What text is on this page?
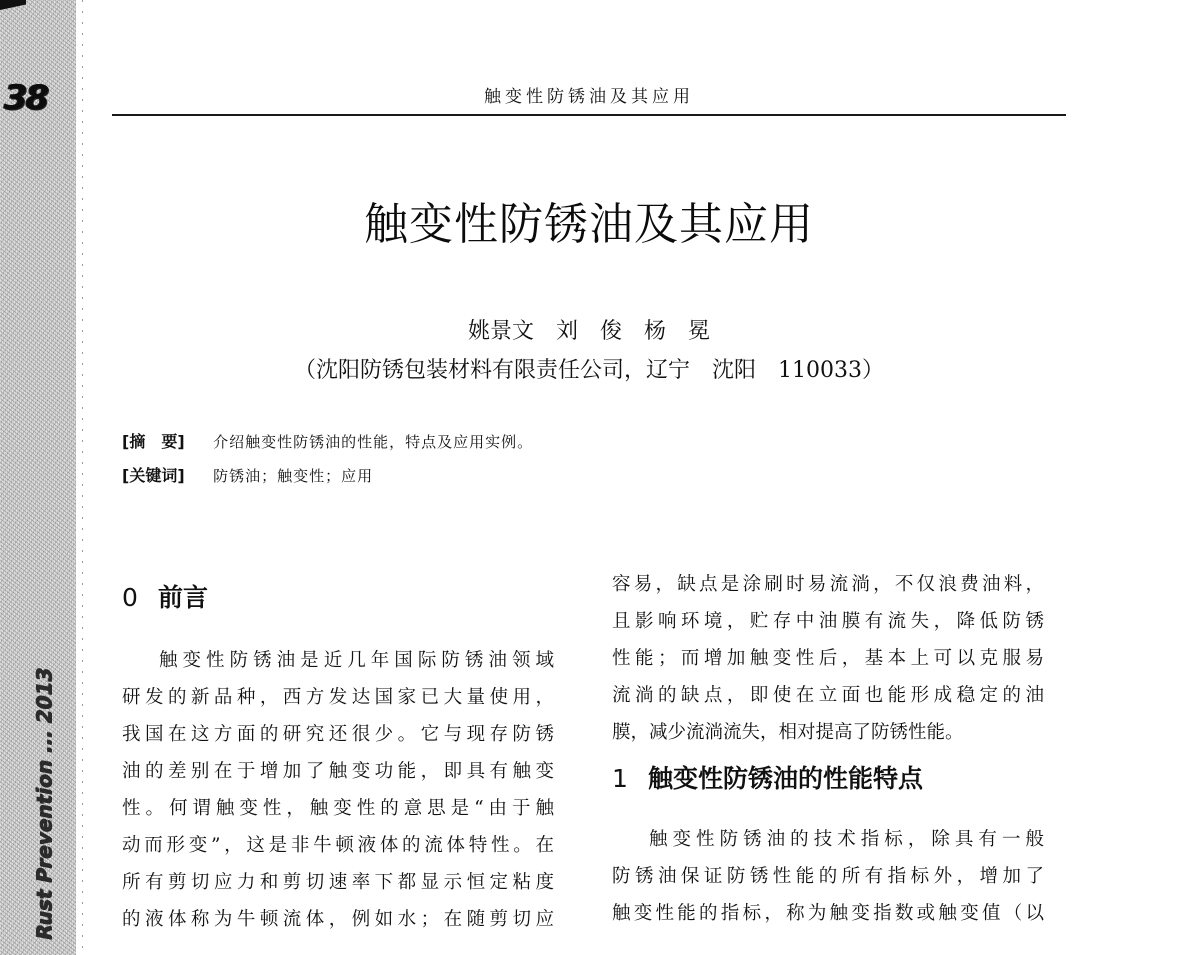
38
Rust Prevention ... 2013
触变性防锈油及其应用
触变性防锈油及其应用
姚景文　刘　俊　杨　冕
（沈阳防锈包装材料有限责任公司，辽宁　沈阳　110033）
[摘　要] 介绍触变性防锈油的性能，特点及应用实例。
[关键词] 防锈油；触变性；应用
0 前言
触变性防锈油是近几年国际防锈油领域
研发的新品种，西方发达国家已大量使用，
我国在这方面的研究还很少。它与现存防锈
油的差别在于增加了触变功能，即具有触变
性。何谓触变性，触变性的意思是“由于触
动而形变”，这是非牛顿液体的流体特性。在
所有剪切应力和剪切速率下都显示恒定粘度
的液体称为牛顿流体，例如水；在随剪切应
容易，缺点是涂刷时易流淌，不仅浪费油料，
且影响环境，贮存中油膜有流失，降低防锈
性能；而增加触变性后，基本上可以克服易
流淌的缺点，即使在立面也能形成稳定的油
膜，减少流淌流失，相对提高了防锈性能。
1 触变性防锈油的性能特点
触变性防锈油的技术指标，除具有一般
防锈油保证防锈性能的所有指标外，增加了
触变性能的指标，称为触变指数或触变值（以
